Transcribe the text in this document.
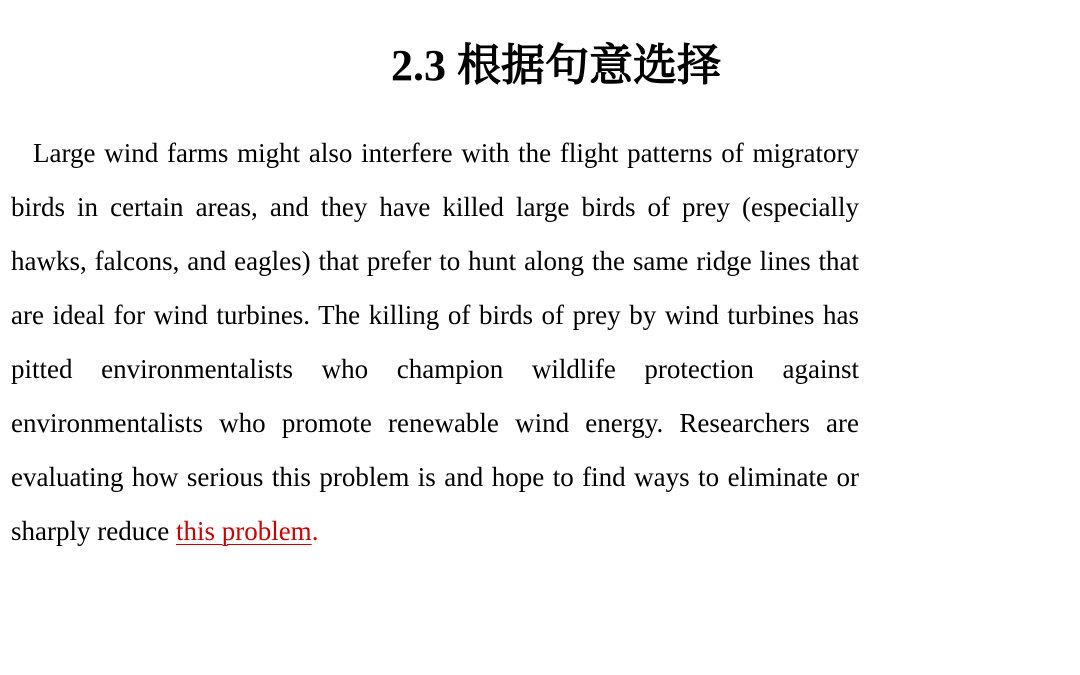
2.3 根据句意选择

Large wind farms might also interfere with the flight patterns of migratory birds in certain areas, and they have killed large birds of prey (especially hawks, falcons, and eagles) that prefer to hunt along the same ridge lines that are ideal for wind turbines. The killing of birds of prey by wind turbines has pitted environmentalists who champion wildlife protection against environmentalists who promote renewable wind energy. Researchers are evaluating how serious this problem is and hope to find ways to eliminate or sharply reduce this problem.
